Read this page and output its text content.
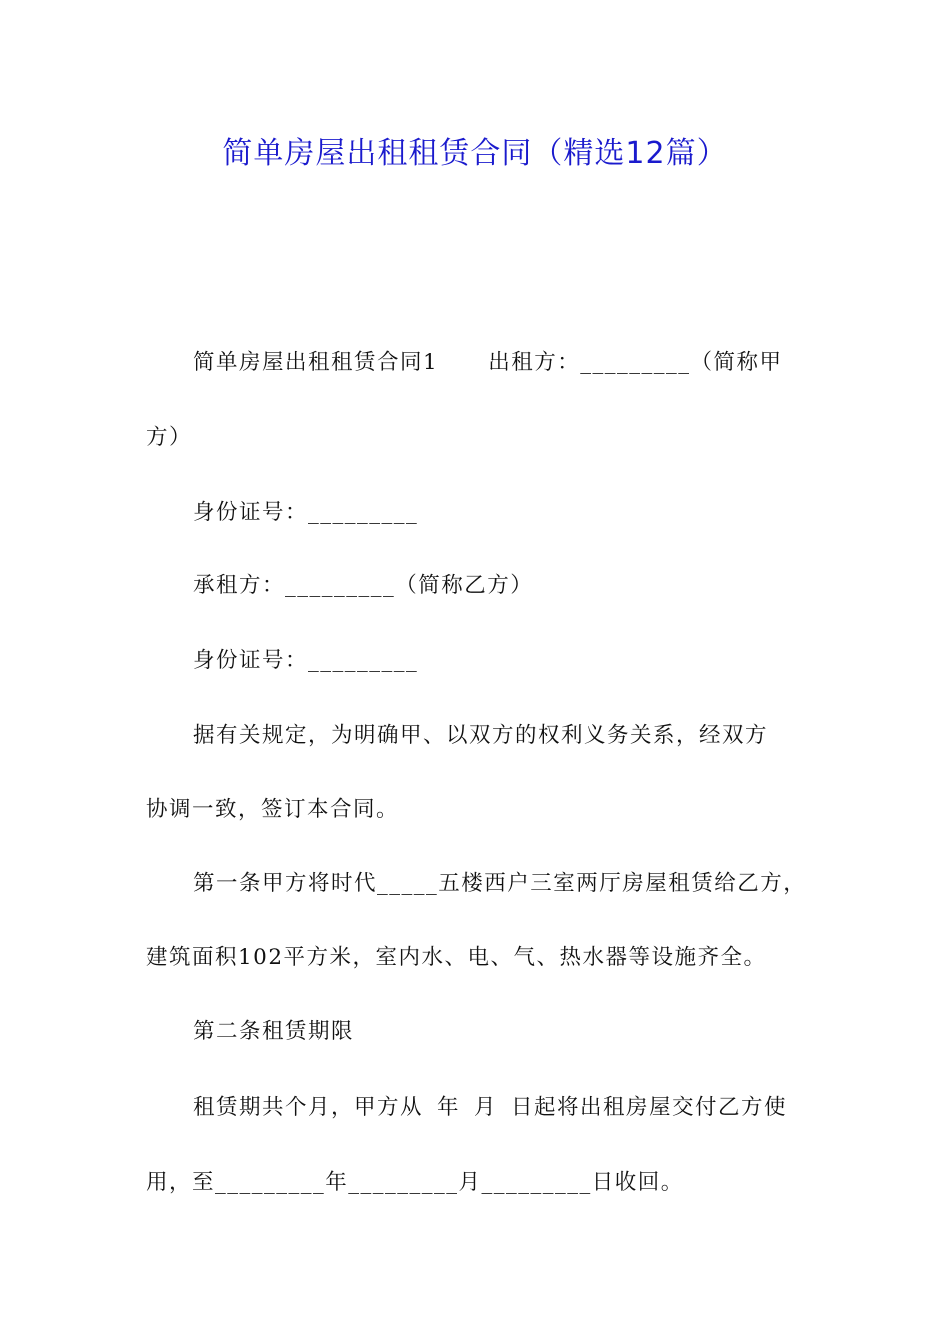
简单房屋出租租赁合同（精选12篇）
简单房屋出租租赁合同1 出租方：_________（简称甲
方）
身份证号：_________
承租方：_________（简称乙方）
身份证号：_________
据有关规定，为明确甲、以双方的权利义务关系，经双方
协调一致，签订本合同。
第一条甲方将时代_____五楼西户三室两厅房屋租赁给乙方，
建筑面积102平方米，室内水、电、气、热水器等设施齐全。
第二条租赁期限
租赁期共个月，甲方从 年 月 日起将出租房屋交付乙方使
用，至_________年_________月_________日收回。
